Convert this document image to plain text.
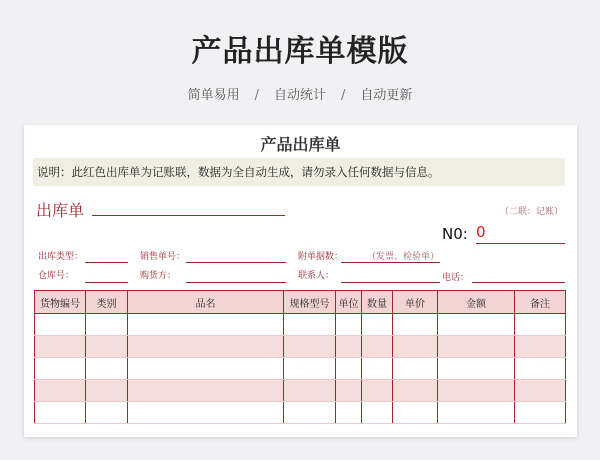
产品出库单模版
简单易用 / 自动统计 / 自动更新
产品出库单
说明：此红色出库单为记账联，数据为全自动生成，请勿录入任何数据与信息。
出库单	（二联：记账）
N0: 0
出库类型：	销售单号：	附单据数：	（发票、检验单）
仓库号：	购货方：	联系人：	电话：
货物编号	类别	品名	规格型号	单位	数量	单价	金额	备注
